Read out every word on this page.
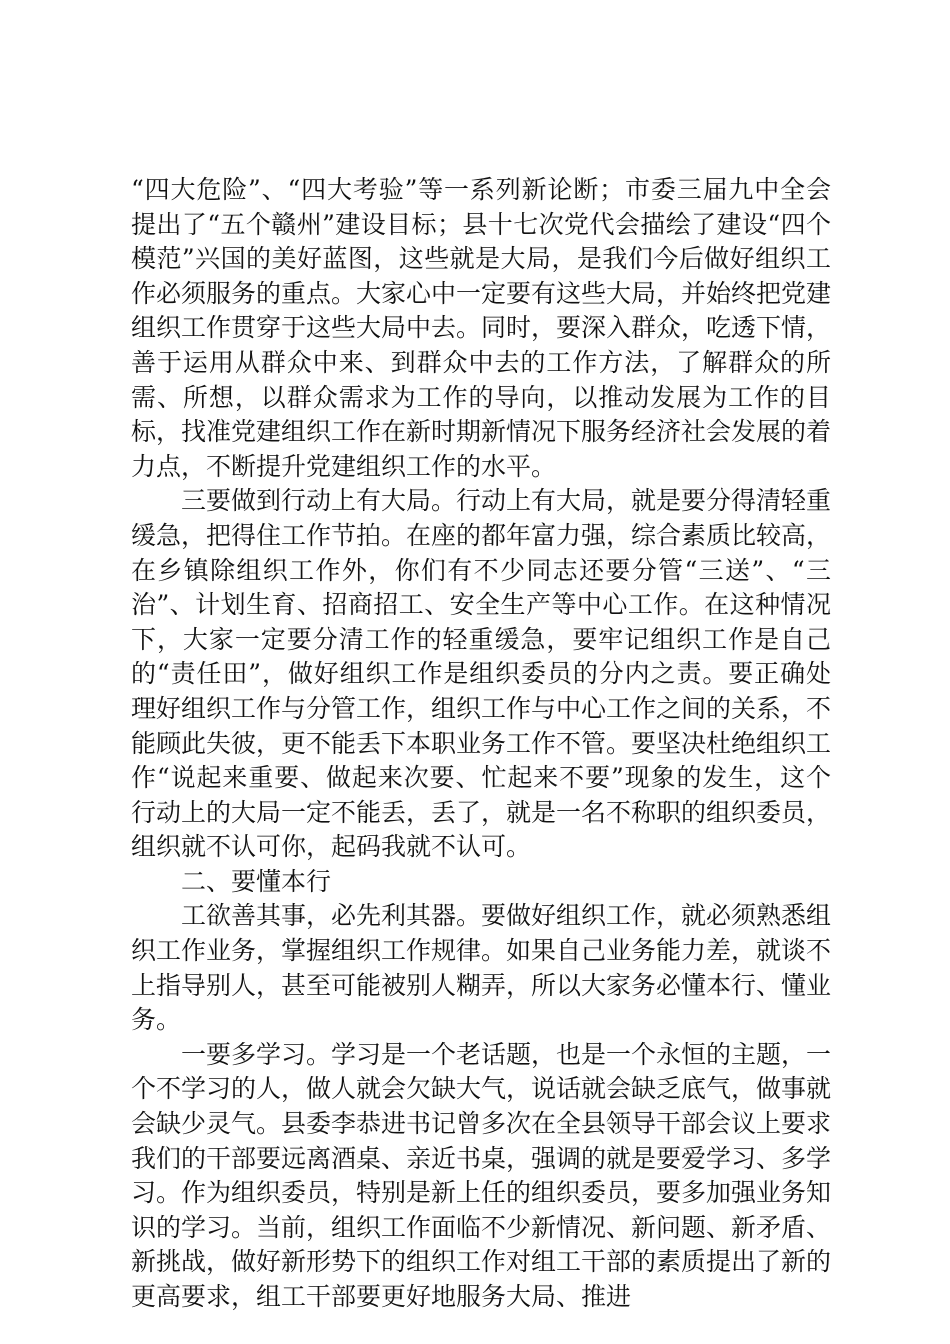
“四大危险”、“四大考验”等一系列新论断；市委三届九中全会提出了“五个赣州”建设目标；县十七次党代会描绘了建设“四个模范”兴国的美好蓝图，这些就是大局，是我们今后做好组织工作必须服务的重点。大家心中一定要有这些大局，并始终把党建组织工作贯穿于这些大局中去。同时，要深入群众，吃透下情，善于运用从群众中来、到群众中去的工作方法，了解群众的所需、所想，以群众需求为工作的导向，以推动发展为工作的目标，找准党建组织工作在新时期新情况下服务经济社会发展的着力点，不断提升党建组织工作的水平。

三要做到行动上有大局。行动上有大局，就是要分得清轻重缓急，把得住工作节拍。在座的都年富力强，综合素质比较高，在乡镇除组织工作外，你们有不少同志还要分管“三送”、“三治”、计划生育、招商招工、安全生产等中心工作。在这种情况下，大家一定要分清工作的轻重缓急，要牢记组织工作是自己的“责任田”，做好组织工作是组织委员的分内之责。要正确处理好组织工作与分管工作，组织工作与中心工作之间的关系，不能顾此失彼，更不能丢下本职业务工作不管。要坚决杜绝组织工作“说起来重要、做起来次要、忙起来不要”现象的发生，这个行动上的大局一定不能丢，丢了，就是一名不称职的组织委员，组织就不认可你，起码我就不认可。

二、要懂本行

工欲善其事，必先利其器。要做好组织工作，就必须熟悉组织工作业务，掌握组织工作规律。如果自己业务能力差，就谈不上指导别人，甚至可能被别人糊弄，所以大家务必懂本行、懂业务。

一要多学习。学习是一个老话题，也是一个永恒的主题，一个不学习的人，做人就会欠缺大气，说话就会缺乏底气，做事就会缺少灵气。县委李恭进书记曾多次在全县领导干部会议上要求我们的干部要远离酒桌、亲近书桌，强调的就是要爱学习、多学习。作为组织委员，特别是新上任的组织委员，要多加强业务知识的学习。当前，组织工作面临不少新情况、新问题、新矛盾、新挑战，做好新形势下的组织工作对组工干部的素质提出了新的更高要求，组工干部要更好地服务大局、推进
